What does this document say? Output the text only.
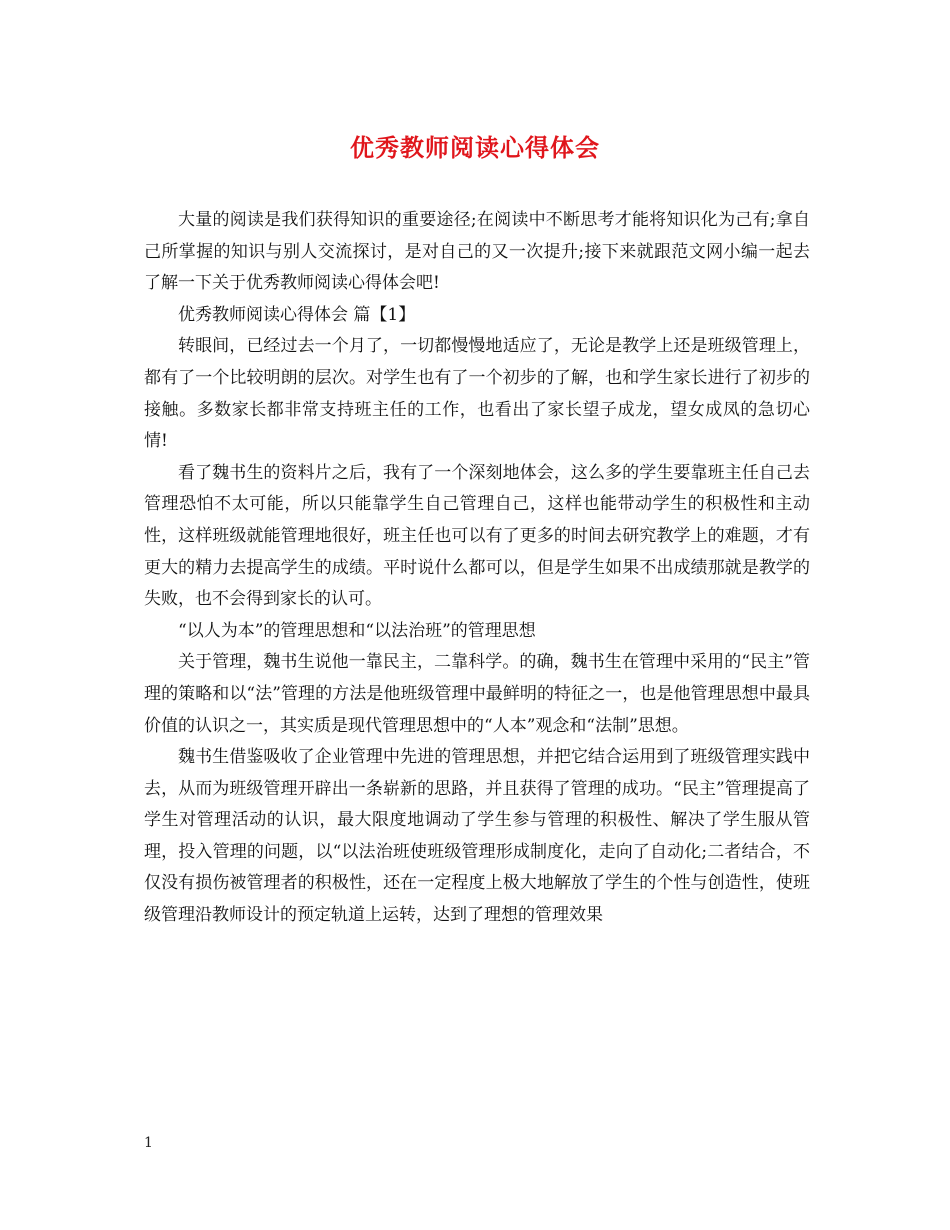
优秀教师阅读心得体会

大量的阅读是我们获得知识的重要途径;在阅读中不断思考才能将知识化为己有;拿自己所掌握的知识与别人交流探讨，是对自己的又一次提升;接下来就跟范文网小编一起去了解一下关于优秀教师阅读心得体会吧!

优秀教师阅读心得体会 篇【1】

转眼间，已经过去一个月了，一切都慢慢地适应了，无论是教学上还是班级管理上，都有了一个比较明朗的层次。对学生也有了一个初步的了解，也和学生家长进行了初步的接触。多数家长都非常支持班主任的工作，也看出了家长望子成龙，望女成凤的急切心情!

看了魏书生的资料片之后，我有了一个深刻地体会，这么多的学生要靠班主任自己去管理恐怕不太可能，所以只能靠学生自己管理自己，这样也能带动学生的积极性和主动性，这样班级就能管理地很好，班主任也可以有了更多的时间去研究教学上的难题，才有更大的精力去提高学生的成绩。平时说什么都可以，但是学生如果不出成绩那就是教学的失败，也不会得到家长的认可。

“以人为本”的管理思想和“以法治班”的管理思想

关于管理，魏书生说他一靠民主，二靠科学。的确，魏书生在管理中采用的“民主”管理的策略和以“法”管理的方法是他班级管理中最鲜明的特征之一，也是他管理思想中最具价值的认识之一，其实质是现代管理思想中的“人本”观念和“法制”思想。

魏书生借鉴吸收了企业管理中先进的管理思想，并把它结合运用到了班级管理实践中去，从而为班级管理开辟出一条崭新的思路，并且获得了管理的成功。“民主”管理提高了学生对管理活动的认识，最大限度地调动了学生参与管理的积极性、解决了学生服从管理，投入管理的问题，以“以法治班使班级管理形成制度化，走向了自动化;二者结合，不仅没有损伤被管理者的积极性，还在一定程度上极大地解放了学生的个性与创造性，使班级管理沿教师设计的预定轨道上运转，达到了理想的管理效果

1
